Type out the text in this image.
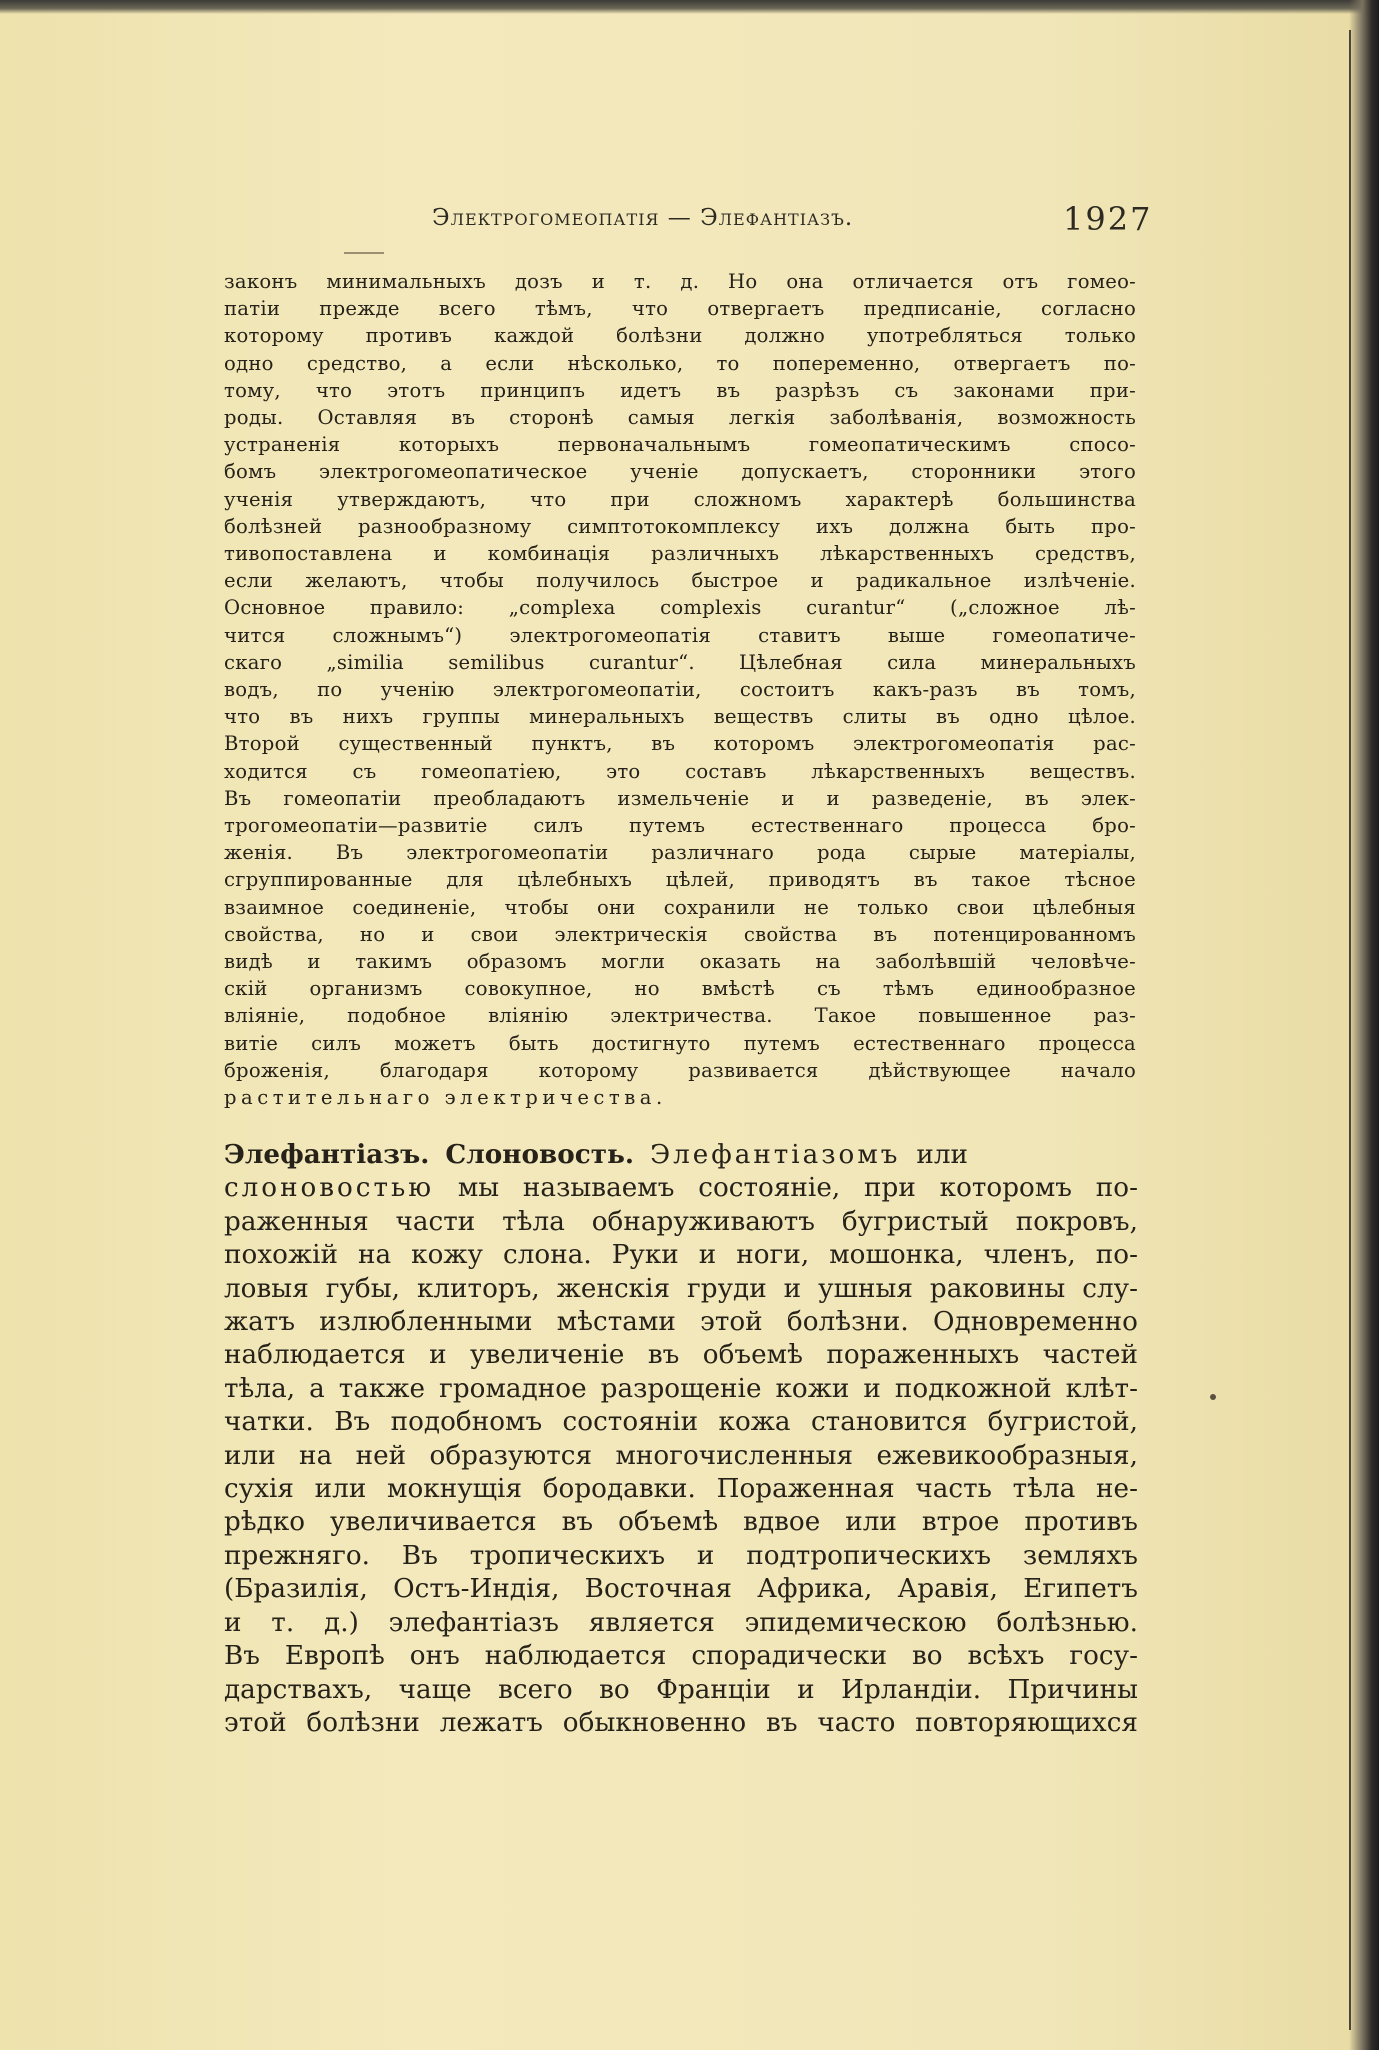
Электрогомеопатія — Элефантіазъ.	1927
законъ минимальныхъ дозъ и т. д. Но она отличается отъ гомео-
патіи прежде всего тѣмъ, что отвергаетъ предписаніе, согласно
которому противъ каждой болѣзни должно употребляться только
одно средство, а если нѣсколько, то попеременно, отвергаетъ по-
тому, что этотъ принципъ идетъ въ разрѣзъ съ законами при-
роды. Оставляя въ сторонѣ самыя легкія заболѣванія, возможность
устраненія которыхъ первоначальнымъ гомеопатическимъ спосо-
бомъ электрогомеопатическое ученіе допускаетъ, сторонники этого
ученія утверждаютъ, что при сложномъ характерѣ большинства
болѣзней разнообразному симптотокомплексу ихъ должна быть про-
тивопоставлена и комбинація различныхъ лѣкарственныхъ средствъ,
если желаютъ, чтобы получилось быстрое и радикальное излѣченіе.
Основное правило: „complexa complexis curantur“ („сложное лѣ-
чится сложнымъ“) электрогомеопатія ставитъ выше гомеопатиче-
скаго „similia semilibus curantur“. Цѣлебная сила минеральныхъ
водъ, по ученію электрогомеопатіи, состоитъ какъ-разъ въ томъ,
что въ нихъ группы минеральныхъ веществъ слиты въ одно цѣлое.
Второй существенный пунктъ, въ которомъ электрогомеопатія рас-
ходится съ гомеопатіею, это составъ лѣкарственныхъ веществъ.
Въ гомеопатіи преобладаютъ измельченіе и и разведеніе, въ элек-
трогомеопатіи—развитіе силъ путемъ естественнаго процесса бро-
женія. Въ электрогомеопатіи различнаго рода сырые матеріалы,
сгруппированные для цѣлебныхъ цѣлей, приводятъ въ такое тѣсное
взаимное соединеніе, чтобы они сохранили не только свои цѣлебныя
свойства, но и свои электрическія свойства въ потенцированномъ
видѣ и такимъ образомъ могли оказать на заболѣвшій человѣче-
скій организмъ совокупное, но вмѣстѣ съ тѣмъ единообразное
вліяніе, подобное вліянію электричества. Такое повышенное раз-
витіе силъ можетъ быть достигнуто путемъ естественнаго процесса
броженія, благодаря которому развивается дѣйствующее начало
растительнаго электричества.
Элефантіазъ. Слоновость. Элефантіазомъ или
слоновостью мы называемъ состояніе, при которомъ по-
раженныя части тѣла обнаруживаютъ бугристый покровъ,
похожій на кожу слона. Руки и ноги, мошонка, членъ, по-
ловыя губы, клиторъ, женскія груди и ушныя раковины слу-
жатъ излюбленными мѣстами этой болѣзни. Одновременно
наблюдается и увеличеніе въ объемѣ пораженныхъ частей
тѣла, а также громадное разрощеніе кожи и подкожной клѣт-
чатки. Въ подобномъ состояніи кожа становится бугристой,
или на ней образуются многочисленныя ежевикообразныя,
сухія или мокнущія бородавки. Пораженная часть тѣла не-
рѣдко увеличивается въ объемѣ вдвое или втрое противъ
прежняго. Въ тропическихъ и подтропическихъ земляхъ
(Бразилія, Остъ-Индія, Восточная Африка, Аравія, Египетъ
и т. д.) элефантіазъ является эпидемическою болѣзнью.
Въ Европѣ онъ наблюдается спорадически во всѣхъ госу-
дарствахъ, чаще всего во Франціи и Ирландіи. Причины
этой болѣзни лежатъ обыкновенно въ часто повторяющихся
